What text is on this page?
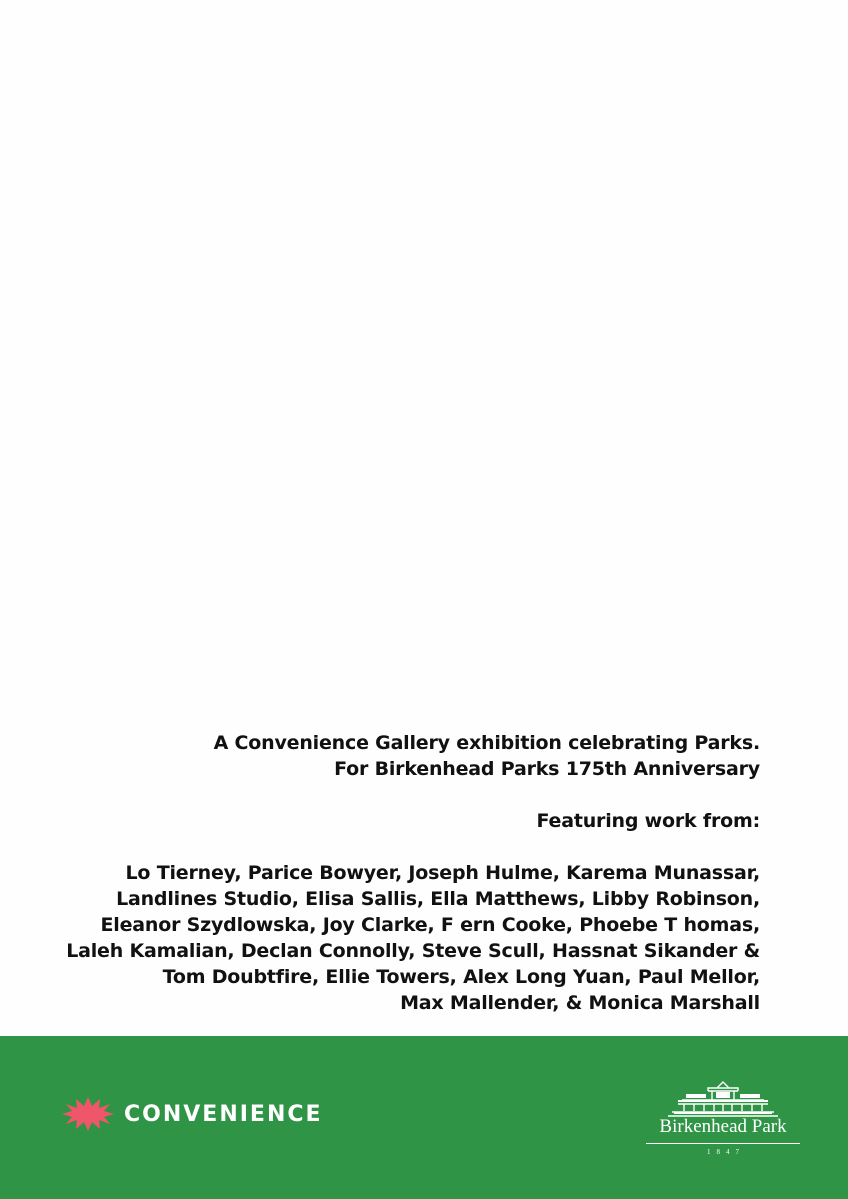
A Convenience Gallery exhibition celebrating Parks.

For Birkenhead Parks 175th Anniversary

Featuring work from:

Lo Tierney, Parice Bowyer, Joseph Hulme, Karema Munassar,

Landlines Studio, Elisa Sallis, Ella Matthews, Libby Robinson,

Eleanor Szydlowska, Joy Clarke, F ern Cooke, Phoebe T homas,

Laleh Kamalian, Declan Connolly, Steve Scull, Hassnat Sikander &

Tom Doubtfire, Ellie Towers, Alex Long Yuan, Paul Mellor,

Max Mallender, & Monica Marshall

CONVENIENCE	Birkenhead Park
1847
